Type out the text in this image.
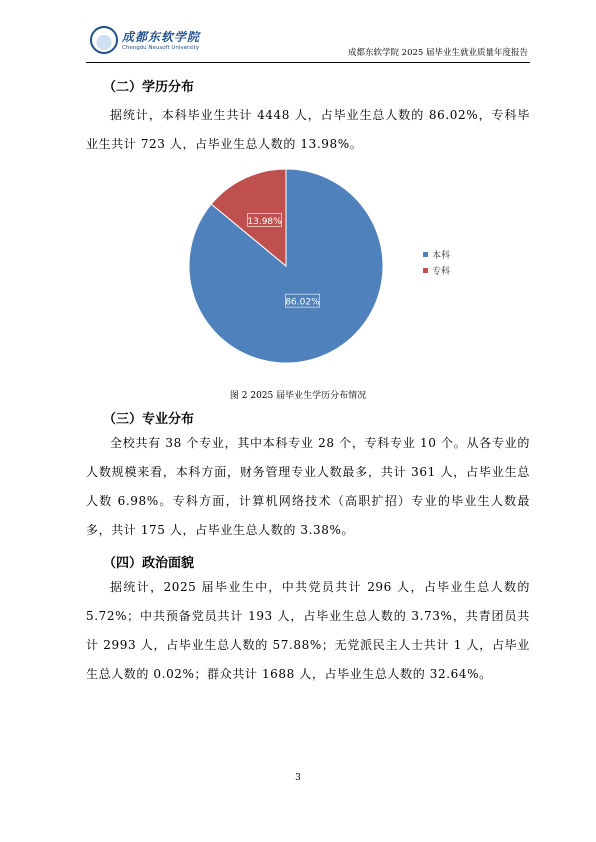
成都东软学院
Chengdu Neusoft University	成都东软学院 2025 届毕业生就业质量年度报告
（二）学历分布

据统计，本科毕业生共计 4448 人，占毕业生总人数的 86.02%，专科毕业生共计 723 人，占毕业生总人数的 13.98%。

86.02%
13.98%
本科
专科
图 2 2025 届毕业生学历分布情况
（三）专业分布

全校共有 38 个专业，其中本科专业 28 个，专科专业 10 个。从各专业的人数规模来看，本科方面，财务管理专业人数最多，共计 361 人，占毕业生总人数 6.98%。专科方面，计算机网络技术（高职扩招）专业的毕业生人数最多，共计 175 人，占毕业生总人数的 3.38%。

（四）政治面貌

据统计，2025 届毕业生中，中共党员共计 296 人，占毕业生总人数的 5.72%；中共预备党员共计 193 人，占毕业生总人数的 3.73%，共青团员共计 2993 人，占毕业生总人数的 57.88%；无党派民主人士共计 1 人，占毕业生总人数的 0.02%；群众共计 1688 人，占毕业生总人数的 32.64%。

3
